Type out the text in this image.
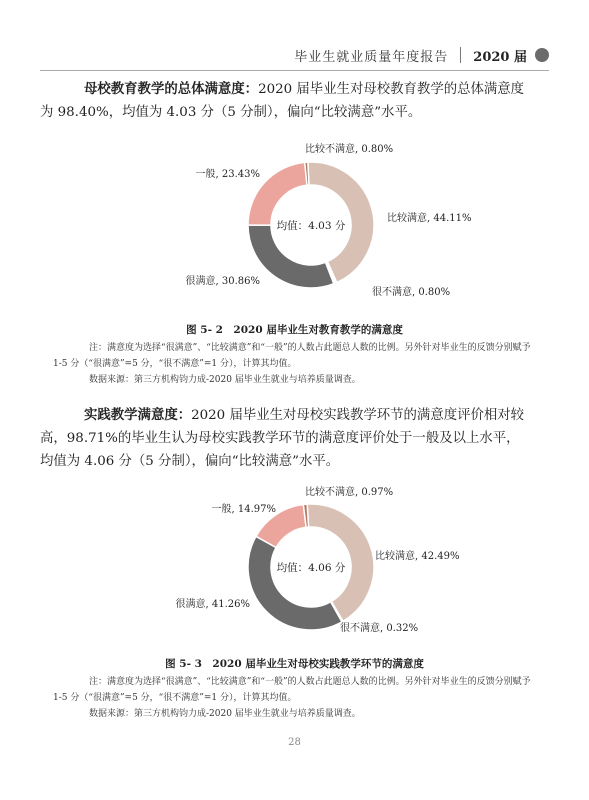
毕业生就业质量年度报告 2020 届

母校教育教学的总体满意度：2020 届毕业生对母校教育教学的总体满意度为 98.40%，均值为 4.03 分（5 分制），偏向“比较满意”水平。

比较满意, 44.11%
很不满意, 0.80%
很满意, 30.86%
一般, 23.43%
比较不满意, 0.80%
均值：4.03 分
图 5- 2　2020 届毕业生对教育教学的满意度

注：满意度为选择“很满意”、“比较满意”和“一般”的人数占此题总人数的比例。另外针对毕业生的反馈分别赋予 1-5 分（“很满意”=5 分，“很不满意”=1 分），计算其均值。

数据来源：第三方机构钧力成-2020 届毕业生就业与培养质量调查。

实践教学满意度：2020 届毕业生对母校实践教学环节的满意度评价相对较高，98.71%的毕业生认为母校实践教学环节的满意度评价处于一般及以上水平，均值为 4.06 分（5 分制），偏向“比较满意”水平。

比较满意, 42.49%
很不满意, 0.32%
很满意, 41.26%
一般, 14.97%
比较不满意, 0.97%
均值：4.06 分
图 5- 3　2020 届毕业生对母校实践教学环节的满意度

注：满意度为选择“很满意”、“比较满意”和“一般”的人数占此题总人数的比例。另外针对毕业生的反馈分别赋予 1-5 分（“很满意”=5 分，“很不满意”=1 分），计算其均值。

数据来源：第三方机构钧力成-2020 届毕业生就业与培养质量调查。

28
